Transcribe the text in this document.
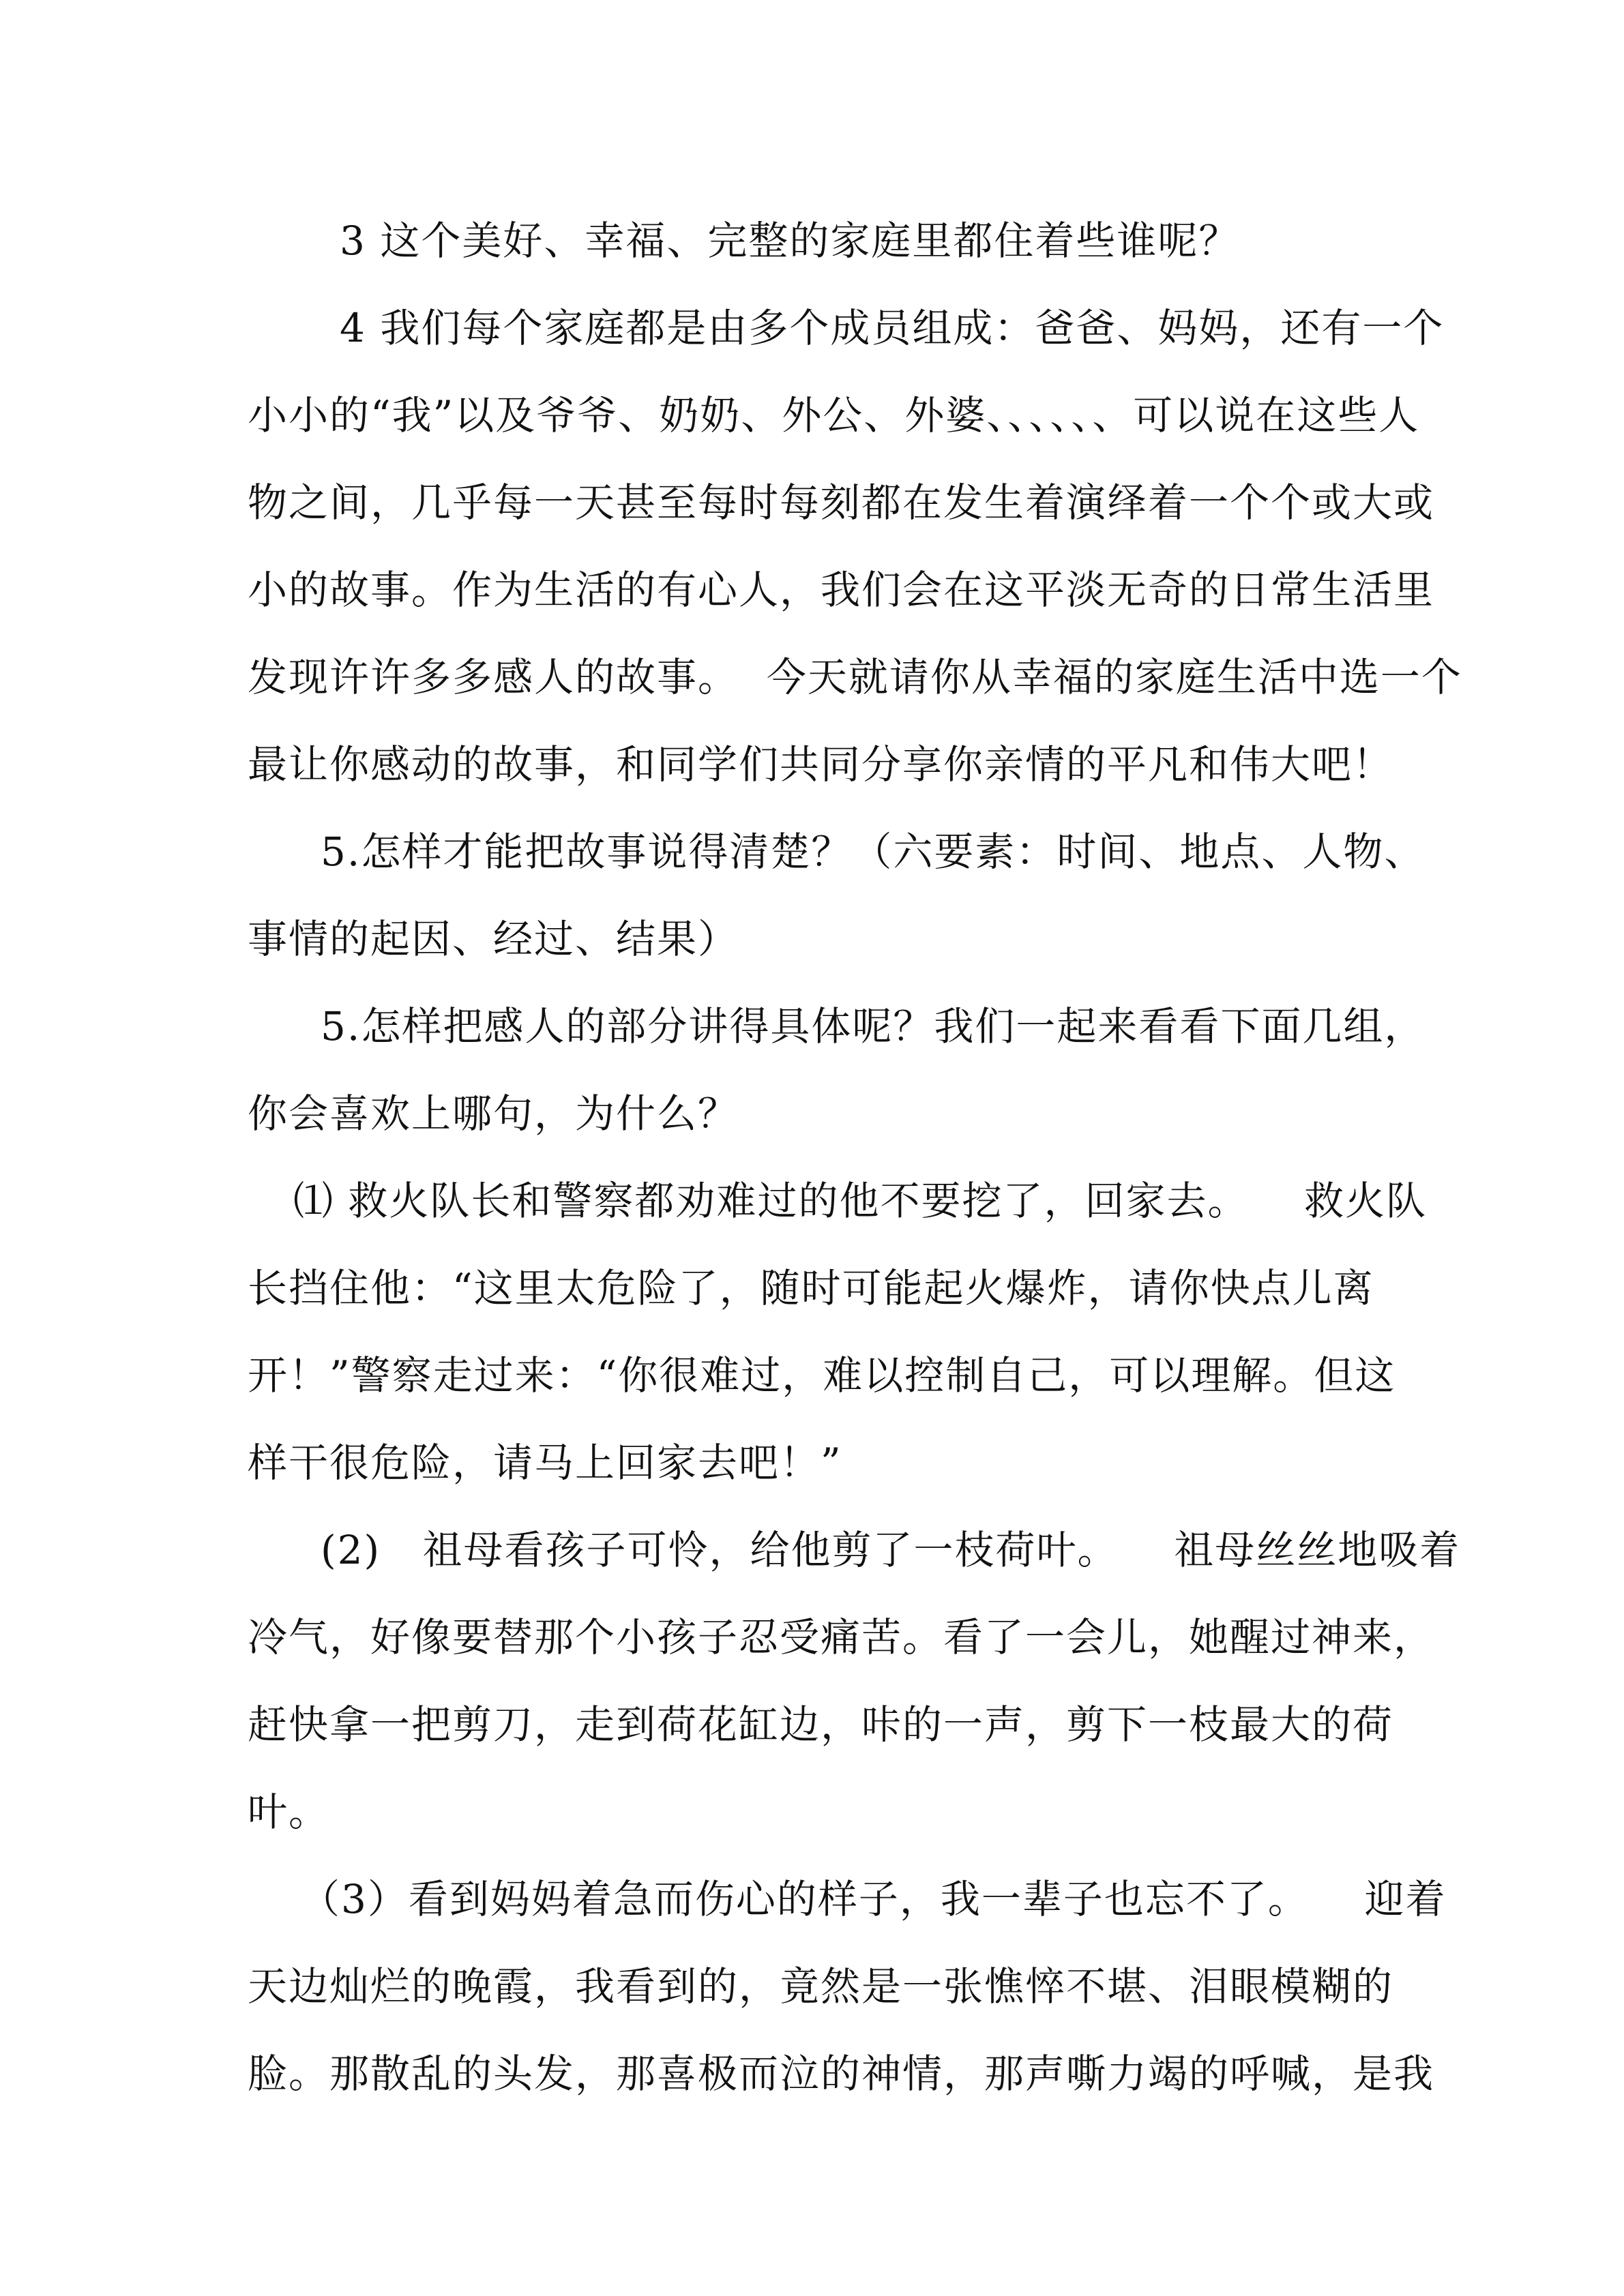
3 这个美好、幸福、完整的家庭里都住着些谁呢？
4 我们每个家庭都是由多个成员组成：爸爸、妈妈，还有一个
小小的“我”以及爷爷、奶奶、外公、外婆、、、、、、可以说在这些人
物之间，几乎每一天甚至每时每刻都在发生着演绎着一个个或大或
小的故事。作为生活的有心人，我们会在这平淡无奇的日常生活里
发现许许多多感人的故事。  今天就请你从幸福的家庭生活中选一个
最让你感动的故事，和同学们共同分享你亲情的平凡和伟大吧！
5.怎样才能把故事说得清楚？（六要素：时间、地点、人物、
事情的起因、经过、结果）
5.怎样把感人的部分讲得具体呢？我们一起来看看下面几组，
你会喜欢上哪句，为什么？
⑴ 救火队长和警察都劝难过的他不要挖了，回家去。    救火队
长挡住他：“这里太危险了，随时可能起火爆炸，请你快点儿离
开！”警察走过来：“你很难过，难以控制自己，可以理解。但这
样干很危险，请马上回家去吧！”
(2)   祖母看孩子可怜，给他剪了一枝荷叶。    祖母丝丝地吸着
冷气，好像要替那个小孩子忍受痛苦。看了一会儿，她醒过神来，
赶快拿一把剪刀，走到荷花缸边，咔的一声，剪下一枝最大的荷
叶。
（3）看到妈妈着急而伤心的样子，我一辈子也忘不了。    迎着
天边灿烂的晚霞，我看到的，竟然是一张憔悴不堪、泪眼模糊的
脸。那散乱的头发，那喜极而泣的神情，那声嘶力竭的呼喊，是我
